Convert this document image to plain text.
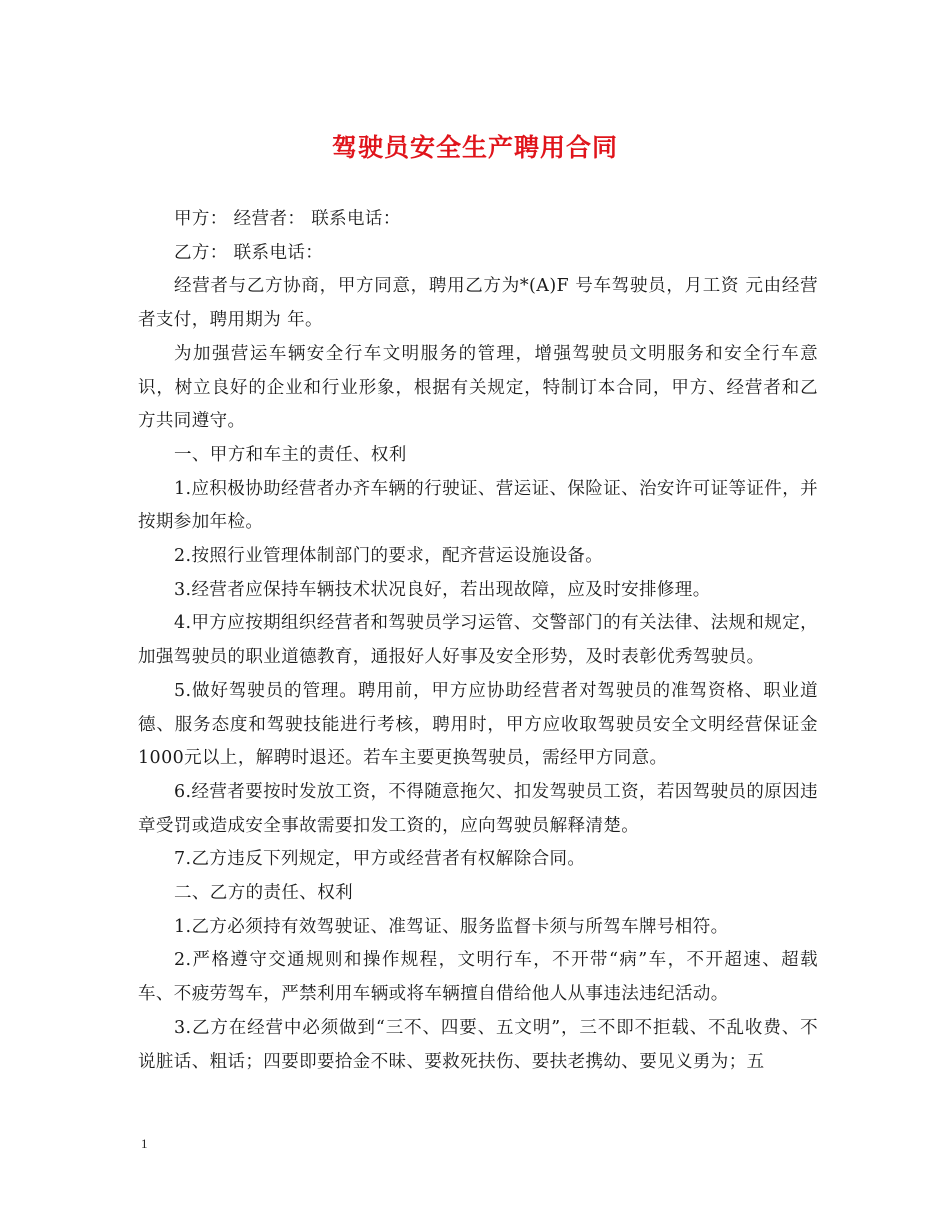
驾驶员安全生产聘用合同

甲方： 经营者： 联系电话：

乙方： 联系电话：

经营者与乙方协商，甲方同意，聘用乙方为*(A)F 号车驾驶员，月工资 元由经营者支付，聘用期为 年。

为加强营运车辆安全行车文明服务的管理，增强驾驶员文明服务和安全行车意识，树立良好的企业和行业形象，根据有关规定，特制订本合同，甲方、经营者和乙方共同遵守。

一、甲方和车主的责任、权利

1.应积极协助经营者办齐车辆的行驶证、营运证、保险证、治安许可证等证件，并按期参加年检。

2.按照行业管理体制部门的要求，配齐营运设施设备。

3.经营者应保持车辆技术状况良好，若出现故障，应及时安排修理。

4.甲方应按期组织经营者和驾驶员学习运管、交警部门的有关法律、法规和规定，加强驾驶员的职业道德教育，通报好人好事及安全形势，及时表彰优秀驾驶员。

5.做好驾驶员的管理。聘用前，甲方应协助经营者对驾驶员的准驾资格、职业道德、服务态度和驾驶技能进行考核，聘用时，甲方应收取驾驶员安全文明经营保证金1000元以上，解聘时退还。若车主要更换驾驶员，需经甲方同意。

6.经营者要按时发放工资，不得随意拖欠、扣发驾驶员工资，若因驾驶员的原因违章受罚或造成安全事故需要扣发工资的，应向驾驶员解释清楚。

7.乙方违反下列规定，甲方或经营者有权解除合同。

二、乙方的责任、权利

1.乙方必须持有效驾驶证、准驾证、服务监督卡须与所驾车牌号相符。

2.严格遵守交通规则和操作规程，文明行车，不开带“病”车，不开超速、超载车、不疲劳驾车，严禁利用车辆或将车辆擅自借给他人从事违法违纪活动。

3.乙方在经营中必须做到“三不、四要、五文明”，三不即不拒载、不乱收费、不说脏话、粗话；四要即要拾金不昧、要救死扶伤、要扶老携幼、要见义勇为；五

1
